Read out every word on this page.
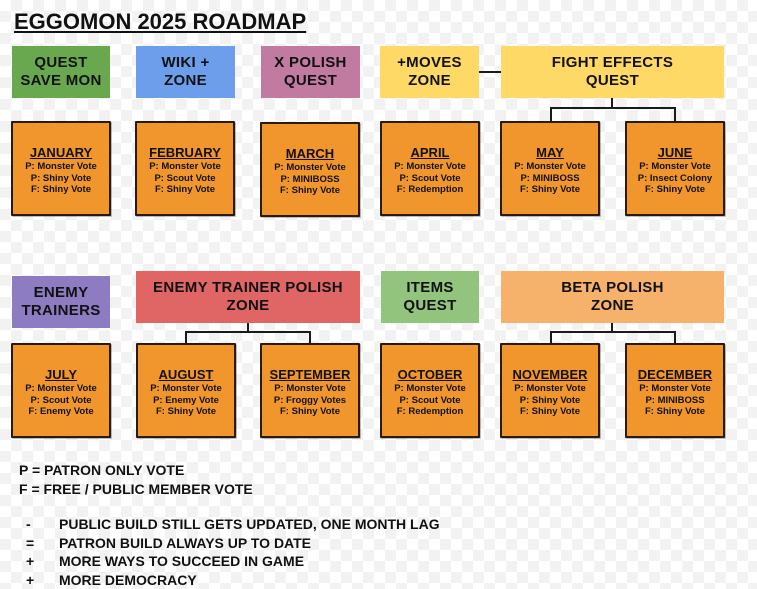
EGGOMON 2025 ROADMAP
QUEST
SAVE MON
WIKI +
ZONE
X POLISH
QUEST
+MOVES
ZONE
FIGHT EFFECTS
QUEST
JANUARY
P: Monster Vote
P: Shiny Vote
F: Shiny Vote
FEBRUARY
P: Monster Vote
P: Scout Vote
F: Shiny Vote
MARCH
P: Monster Vote
P: MINIBOSS
F: Shiny Vote
APRIL
P: Monster Vote
P: Scout Vote
F: Redemption
MAY
P: Monster Vote
P: MINIBOSS
F: Shiny Vote
JUNE
P: Monster Vote
P: Insect Colony
F: Shiny Vote
ENEMY
TRAINERS
ENEMY TRAINER POLISH
ZONE
ITEMS
QUEST
BETA POLISH
ZONE
JULY
P: Monster Vote
P: Scout Vote
F: Enemy Vote
AUGUST
P: Monster Vote
P: Enemy Vote
F: Shiny Vote
SEPTEMBER
P: Monster Vote
P: Froggy Votes
F: Shiny Vote
OCTOBER
P: Monster Vote
P: Scout Vote
F: Redemption
NOVEMBER
P: Monster Vote
P: Shiny Vote
F: Shiny Vote
DECEMBER
P: Monster Vote
P: MINIBOSS
F: Shiny Vote
P = PATRON ONLY VOTE
F = FREE / PUBLIC MEMBER VOTE
-	PUBLIC BUILD STILL GETS UPDATED, ONE MONTH LAG
=	PATRON BUILD ALWAYS UP TO DATE
+	MORE WAYS TO SUCCEED IN GAME
+	MORE DEMOCRACY
